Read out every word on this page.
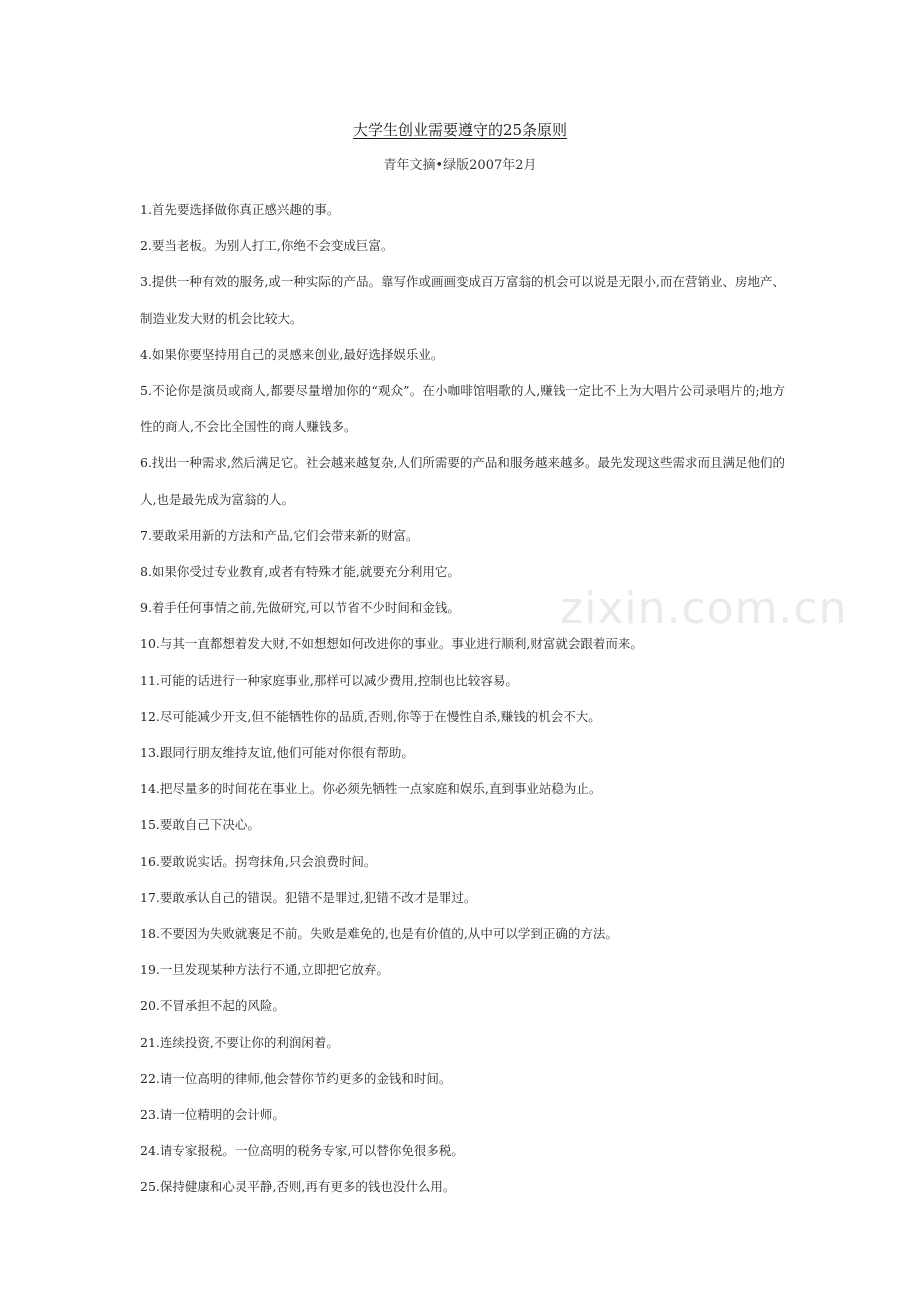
大学生创业需要遵守的25条原则
青年文摘•绿版2007年2月
1.首先要选择做你真正感兴趣的事。
2.要当老板。为别人打工,你绝不会变成巨富。
3.提供一种有效的服务,或一种实际的产品。靠写作或画画变成百万富翁的机会可以说是无限小,而在营销业、房地产、制造业发大财的机会比较大。
4.如果你要坚持用自己的灵感来创业,最好选择娱乐业。
5.不论你是演员或商人,都要尽量增加你的“观众”。在小咖啡馆唱歌的人,赚钱一定比不上为大唱片公司录唱片的;地方性的商人,不会比全国性的商人赚钱多。
6.找出一种需求,然后满足它。社会越来越复杂,人们所需要的产品和服务越来越多。最先发现这些需求而且满足他们的人,也是最先成为富翁的人。
7.要敢采用新的方法和产品,它们会带来新的财富。
8.如果你受过专业教育,或者有特殊才能,就要充分利用它。
9.着手任何事情之前,先做研究,可以节省不少时间和金钱。
10.与其一直都想着发大财,不如想想如何改进你的事业。事业进行顺利,财富就会跟着而来。
11.可能的话进行一种家庭事业,那样可以减少费用,控制也比较容易。
12.尽可能减少开支,但不能牺牲你的品质,否则,你等于在慢性自杀,赚钱的机会不大。
13.跟同行朋友维持友谊,他们可能对你很有帮助。
14.把尽量多的时间花在事业上。你必须先牺牲一点家庭和娱乐,直到事业站稳为止。
15.要敢自己下决心。
16.要敢说实话。拐弯抹角,只会浪费时间。
17.要敢承认自己的错误。犯错不是罪过,犯错不改才是罪过。
18.不要因为失败就裹足不前。失败是难免的,也是有价值的,从中可以学到正确的方法。
19.一旦发现某种方法行不通,立即把它放弃。
20.不冒承担不起的风险。
21.连续投资,不要让你的利润闲着。
22.请一位高明的律师,他会替你节约更多的金钱和时间。
23.请一位精明的会计师。
24.请专家报税。一位高明的税务专家,可以替你免很多税。
25.保持健康和心灵平静,否则,再有更多的钱也没什么用。
zixin.com.cn
